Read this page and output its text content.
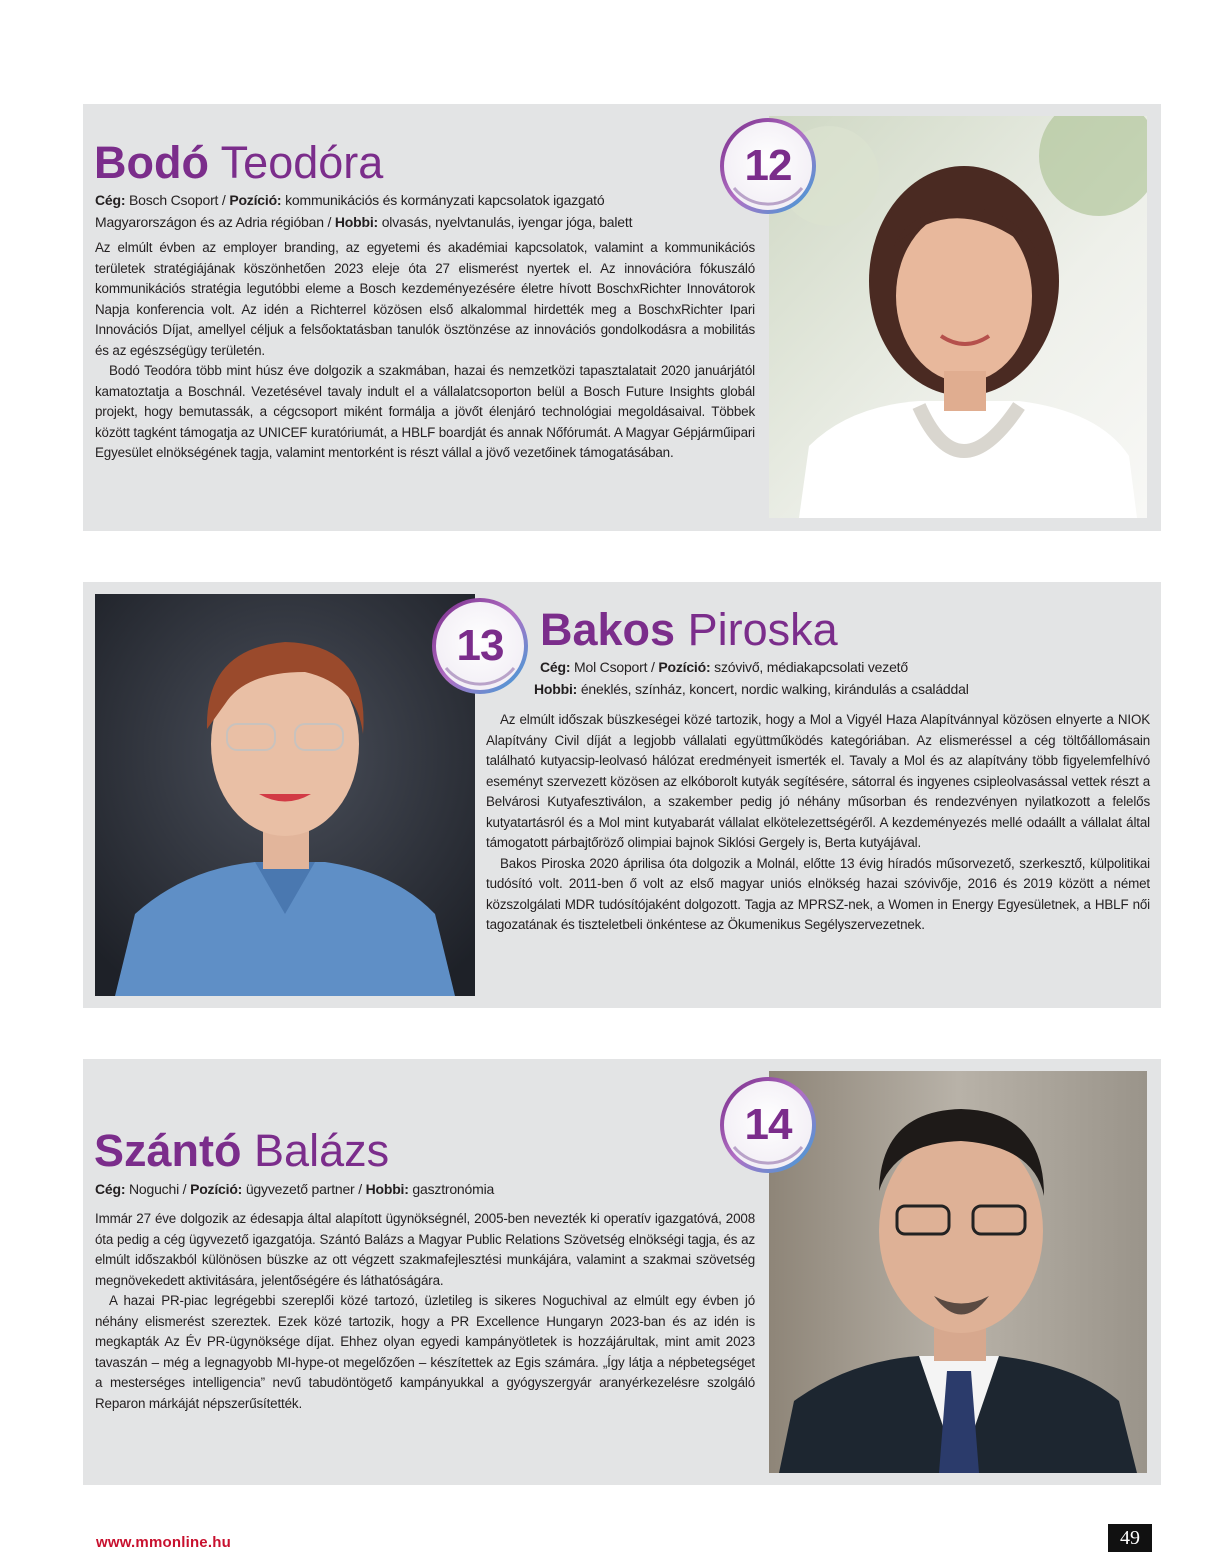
12
Bodó Teodóra
Cég: Bosch Csoport / Pozíció: kommunikációs és kormányzati kapcsolatok igazgató
Magyarországon és az Adria régióban / Hobbi: olvasás, nyelvtanulás, iyengar jóga, balett

Az elmúlt évben az employer branding, az egyetemi és akadémiai kapcsolatok, valamint a kommunikációs területek stratégiájának köszönhetően 2023 eleje óta 27 elismerést nyertek el. Az innovációra fókuszáló kommunikációs stratégia legutóbbi eleme a Bosch kezdeményezésére életre hívott BoschxRichter Innovátorok Napja konferencia volt. Az idén a Richterrel közösen első alkalommal hirdették meg a BoschxRichter Ipari Innovációs Díjat, amellyel céljuk a felsőoktatásban tanulók ösztönzése az innovációs gondolkodásra a mobilitás és az egészségügy területén.

Bodó Teodóra több mint húsz éve dolgozik a szakmában, hazai és nemzetközi tapasztalatait 2020 januárjától kamatoztatja a Boschnál. Vezetésével tavaly indult el a vállalatcsoporton belül a Bosch Future Insights globál projekt, hogy bemutassák, a cégcsoport miként formálja a jövőt élenjáró technológiai megoldásaival. Többek között tagként támogatja az UNICEF kuratóriumát, a HBLF boardját és annak Nőfórumát. A Magyar Gépjárműipari Egyesület elnökségének tagja, valamint mentorként is részt vállal a jövő vezetőinek támogatásában.

13 Bakos Piroska
Cég: Mol Csoport / Pozíció: szóvivő, médiakapcsolati vezető
Hobbi: éneklés, színház, koncert, nordic walking, kirándulás a családdal

Az elmúlt időszak büszkeségei közé tartozik, hogy a Mol a Vigyél Haza Alapítvánnyal közösen elnyerte a NIOK Alapítvány Civil díját a legjobb vállalati együttműködés kategóriában. Az elismeréssel a cég töltőállomásain található kutyacsip-leolvasó hálózat eredményeit ismerték el. Tavaly a Mol és az alapítvány több figyelemfelhívó eseményt szervezett közösen az elkóborolt kutyák segítésére, sátorral és ingyenes csipleolvasással vettek részt a Belvárosi Kutyafesztiválon, a szakember pedig jó néhány műsorban és rendezvényen nyilatkozott a felelős kutyatartásról és a Mol mint kutyabarát vállalat elkötelezettségéről. A kezdeményezés mellé odaállt a vállalat által támogatott párbajtőröző olimpiai bajnok Siklósi Gergely is, Berta kutyájával.

Bakos Piroska 2020 áprilisa óta dolgozik a Molnál, előtte 13 évig híradós műsorvezető, szerkesztő, külpolitikai tudósító volt. 2011-ben ő volt az első magyar uniós elnökség hazai szóvivője, 2016 és 2019 között a német közszolgálati MDR tudósítójaként dolgozott. Tagja az MPRSZ-nek, a Women in Energy Egyesületnek, a HBLF női tagozatának és tiszteletbeli önkéntese az Ökumenikus Segélyszervezetnek.

14
Szántó Balázs
Cég: Noguchi / Pozíció: ügyvezető partner / Hobbi: gasztronómia

Immár 27 éve dolgozik az édesapja által alapított ügynökségnél, 2005-ben nevezték ki operatív igazgatóvá, 2008 óta pedig a cég ügyvezető igazgatója. Szántó Balázs a Magyar Public Relations Szövetség elnökségi tagja, és az elmúlt időszakból különösen büszke az ott végzett szakmafejlesztési munkájára, valamint a szakmai szövetség megnövekedett aktivitására, jelentőségére és láthatóságára.

A hazai PR-piac legrégebbi szereplői közé tartozó, üzletileg is sikeres Noguchival az elmúlt egy évben jó néhány elismerést szereztek. Ezek közé tartozik, hogy a PR Excellence Hungaryn 2023-ban és az idén is megkapták Az Év PR-ügynöksége díjat. Ehhez olyan egyedi kampányötletek is hozzájárultak, mint amit 2023 tavaszán – még a legnagyobb MI-hype-ot megelőzően – készítettek az Egis számára. „Így látja a népbetegséget a mesterséges intelligencia” nevű tabudöntögető kampányukkal a gyógyszergyár aranyérkezelésre szolgáló Reparon márkáját népszerűsítették.

www.mmonline.hu	49
